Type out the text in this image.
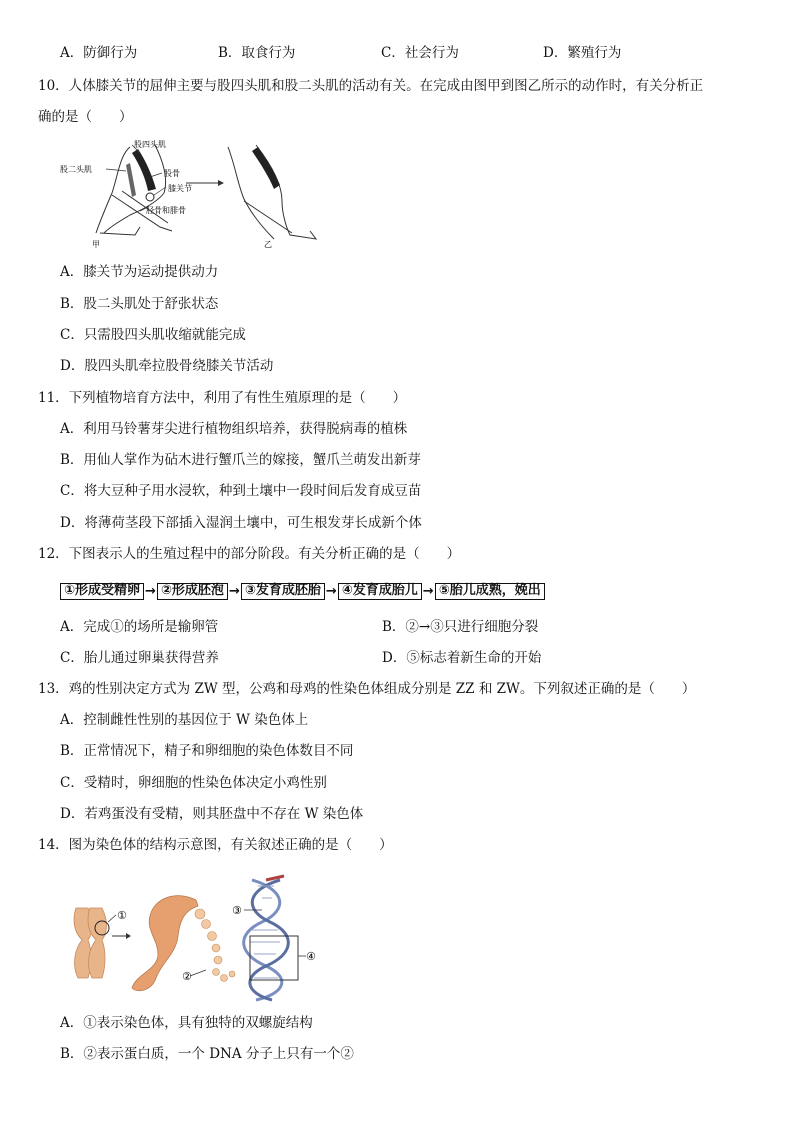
A．防御行为	B．取食行为	C．社会行为	D．繁殖行为
10．人体膝关节的屈伸主要与股四头肌和股二头肌的活动有关。在完成由图甲到图乙所示的动作时，有关分析正
确的是（　　）
股四头肌
股二头肌	股骨
膝关节
胫骨和腓骨
甲	乙
A．膝关节为运动提供动力
B．股二头肌处于舒张状态
C．只需股四头肌收缩就能完成
D．股四头肌牵拉股骨绕膝关节活动
11．下列植物培育方法中，利用了有性生殖原理的是（　　）
A．利用马铃薯芽尖进行植物组织培养，获得脱病毒的植株
B．用仙人掌作为砧木进行蟹爪兰的嫁接，蟹爪兰萌发出新芽
C．将大豆种子用水浸软，种到土壤中一段时间后发育成豆苗
D．将薄荷茎段下部插入湿润土壤中，可生根发芽长成新个体
12．下图表示人的生殖过程中的部分阶段。有关分析正确的是（　　）
①形成受精卵 → ②形成胚泡 → ③发育成胚胎 → ④发育成胎儿 → ⑤胎儿成熟，娩出
A．完成①的场所是输卵管	B．②→③只进行细胞分裂
C．胎儿通过卵巢获得营养	D．⑤标志着新生命的开始
13．鸡的性别决定方式为 ZW 型，公鸡和母鸡的性染色体组成分别是 ZZ 和 ZW。下列叙述正确的是（　　）
A．控制雌性性别的基因位于 W 染色体上
B．正常情况下，精子和卵细胞的染色体数目不同
C．受精时，卵细胞的性染色体决定小鸡性别
D．若鸡蛋没有受精，则其胚盘中不存在 W 染色体
14．图为染色体的结构示意图，有关叙述正确的是（　　）
①
②
③
④
A．①表示染色体，具有独特的双螺旋结构
B．②表示蛋白质，一个 DNA 分子上只有一个②
